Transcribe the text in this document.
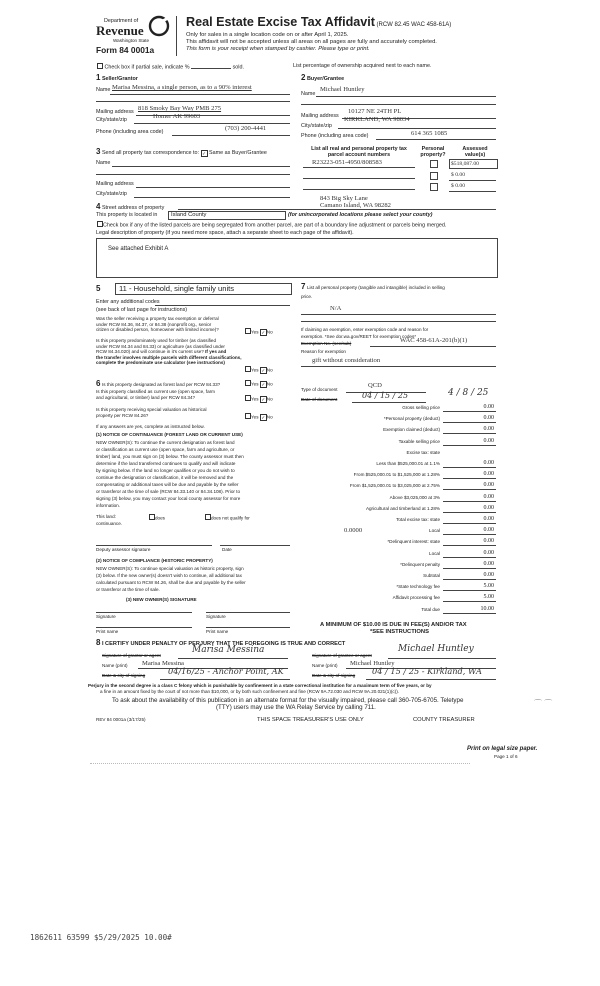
Department of
Revenue
Washington State
Form 84 0001a
Real Estate Excise Tax Affidavit (RCW 82.45 WAC 458-61A)
Only for sales in a single location code on or after April 1, 2025.
This affidavit will not be accepted unless all areas on all pages are fully and accurately completed.
This form is your receipt when stamped by cashier. Please type or print.
Check box if partial sale, indicate %	sold.	List percentage of ownership acquired next to each name.
1 Seller/Grantor
Name Marisa Messina, a single person, as to a 90% interest
Mailing address 818 Smoky Bay Way PMB 275
City/state/zip	Homer AK 99603
Phone (including area code)	(703) 200-4441
2 Buyer/Grantee
Name
Michael Huntley
Mailing address
10127 NE 24TH PL
City/state/zip
KIRKLAND, WA 98034
Phone (including area code)	614 365 1085
3 Send all property tax correspondence to: ✓ Same as Buyer/Grantee
Name
Mailing address
City/state/zip
List all real and personal property tax
parcel account numbers
Personal
property?
Assessed
value(s)
R23223-051-4950/808583	$518,087.00
$ 0.00
$ 0.00
843 Big Sky Lane
Camano Island, WA 98282
4 Street address of property
This property is located in	Island County	(for unincorporated locations please select your county)
Check box if any of the listed parcels are being segregated from another parcel, are part of a boundary line adjustment or parcels being merged.
Legal description of property (if you need more space, attach a separate sheet to each page of the affidavit).
See attached Exhibit A
5	11 - Household, single family units
Enter any additional codes
(see back of last page for instructions)
Was the seller receiving a property tax exemption or deferral
under RCW 84.36, 84.37, or 84.38 (nonprofit org., senior
citizen or disabled person, homeowner with limited income)?	Yes ✓ No
Is this property predominately used for timber (as classified
under RCW 84.34 and 84.33) or agriculture (as classified under
RCW 84.34.020) and will continue in it's current use? If yes and
the transfer involves multiple parcels with different classifications,
complete the predominate use calculator (see instructions)
Yes ✓ No
6 Is this property designated as forest land per RCW 84.33?	Yes ✓ No
Is this property classified as current use (open space, farm
and agricultural, or timber) land per RCW 84.34?	Yes ✓ No
Is this property receiving special valuation as historical
property per RCW 84.26?	Yes ✓ No
If any answers are yes, complete as instructed below.
(1) NOTICE OF CONTINUANCE (FOREST LAND OR CURRENT USE)
NEW OWNER(S): To continue the current designation as forest land
or classification as current use (open space, farm and agriculture, or
timber) land, you must sign on (3) below. The county assessor must then
determine if the land transferred continues to qualify and will indicate
by signing below. If the land no longer qualifies or you do not wish to
continue the designation or classification, it will be removed and the
compensating or additional taxes will be due and payable by the seller
or transferor at the time of sale (RCW 84.33.140 or 84.34.108). Prior to
signing (3) below, you may contact your local county assessor for more
information.
This land:	does	does not qualify for
continuance.
Deputy assessor signature	Date
(2) NOTICE OF COMPLIANCE (HISTORIC PROPERTY)
NEW OWNER(S): To continue special valuation as historic property, sign
(3) below. If the new owner(s) doesn't wish to continue, all additional tax
calculated pursuant to RCW 84.26, shall be due and payable by the seller
or transferor at the time of sale.
(3) NEW OWNER(S) SIGNATURE
Signature	Signature
Print name	Print name
7 List all personal property (tangible and intangible) included in selling
price.
N/A
If claiming an exemption, enter exemption code and reason for
exemption. *See dor.wa.gov/REET for exemption codes*
Exemption No. (sec/sub)	WAC 458-61A-201(b)(1)
Reason for exemption
gift without consideration
Type of document
QCD
Date of document	04 / 15 / 25	4 / 8 / 25
Gross selling price	0.00
*Personal property (deduct)	0.00
Exemption claimed (deduct)	0.00
Taxable selling price	0.00
Excise tax: state
Less than $525,000.01 at 1.1%	0.00
From $525,000.01 to $1,525,000 at 1.28%	0.00
From $1,525,000.01 to $3,025,000 at 2.75%	0.00
Above $3,025,000 at 3%	0.00
Agricultural and timberland at 1.28%	0.00
Total excise tax: state	0.00
Local
0.0000	0.00
*Delinquent interest: state	0.00
Local	0.00
*Delinquent penalty	0.00
Subtotal	0.00
*State technology fee	5.00
Affidavit processing fee	5.00
Total due	10.00
A MINIMUM OF $10.00 IS DUE IN FEE(S) AND/OR TAX
*SEE INSTRUCTIONS
8 I CERTIFY UNDER PENALTY OF PERJURY THAT THE FOREGOING IS TRUE AND CORRECT
Signature of grantor or agent
Marisa Messina
Name (print) Marisa Messina
Date & city of signing	04/16/25 - Anchor Point, AK
Signature of grantee or agent
Michael Huntley
Name (print) Michael Huntley
Date & city of signing 04 / 15 / 25 - Kirkland, WA
Perjury in the second degree is a class C felony which is punishable by confinement in a state correctional institution for a maximum term of five years, or by
a fine in an amount fixed by the court of not more than $10,000, or by both such confinement and fine (RCW 9A.72.030 and RCW 9A.20.021(1)(c)).
To ask about the availability of this publication in an alternate format for the visually impaired, please call 360-705-6705. Teletype
(TTY) users may use the WA Relay Service by calling 711.	⌒ ⌒
REV 84 0001a (3/17/25)	THIS SPACE TREASURER'S USE ONLY	COUNTY TREASURER
Print on legal size paper.
Page 1 of 6
1862611 63599 $5/29/2025 10.00#
